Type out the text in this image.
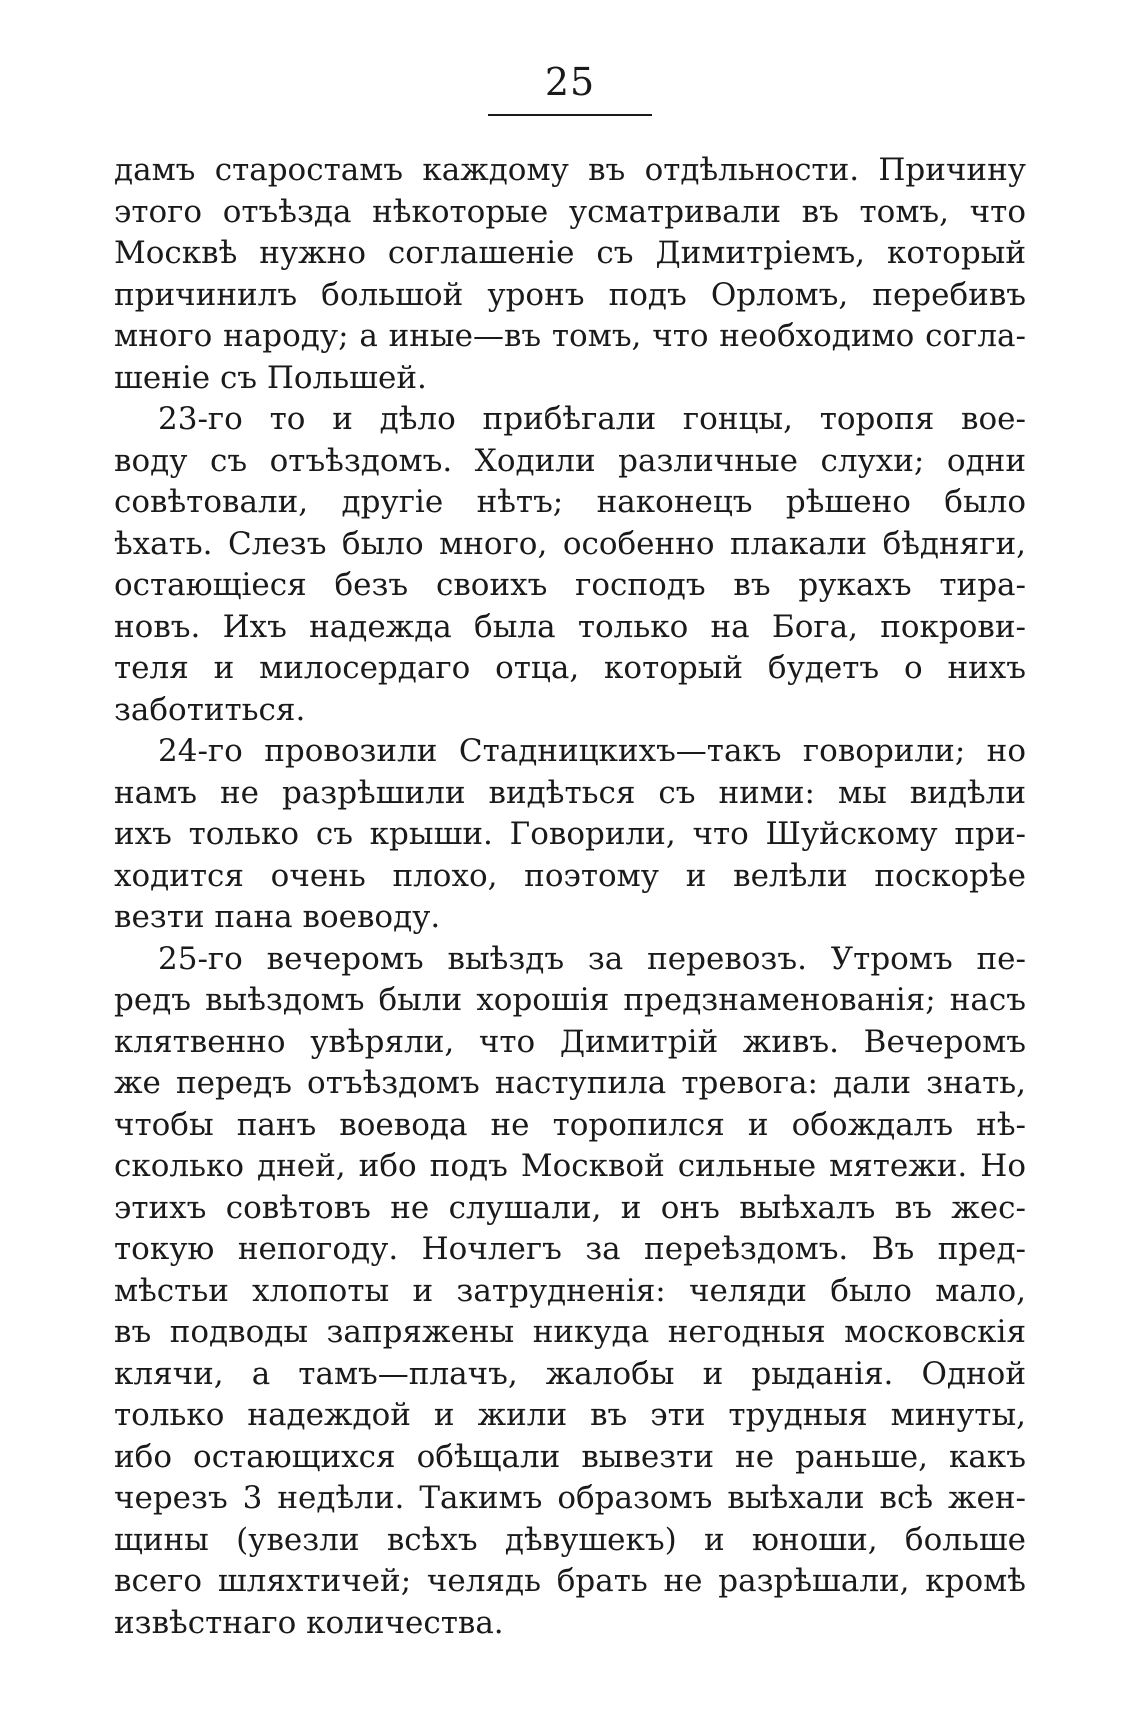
25
дамъ старостамъ каждому въ отдѣльности. Причину
этого отъѣзда нѣкоторые усматривали въ томъ, что
Москвѣ нужно соглашеніе съ Димитріемъ, который
причинилъ большой уронъ подъ Орломъ, перебивъ
много народу; а иные—въ томъ, что необходимо согла-
шеніе съ Польшей.
23-го то и дѣло прибѣгали гонцы, торопя вое-
воду съ отъѣздомъ. Ходили различные слухи; одни
совѣтовали, другіе нѣтъ; наконецъ рѣшено было
ѣхать. Слезъ было много, особенно плакали бѣдняги,
остающіеся безъ своихъ господъ въ рукахъ тира-
новъ. Ихъ надежда была только на Бога, покрови-
теля и милосердаго отца, который будетъ о нихъ
заботиться.
24-го провозили Стадницкихъ—такъ говорили; но
намъ не разрѣшили видѣться съ ними: мы видѣли
ихъ только съ крыши. Говорили, что Шуйскому при-
ходится очень плохо, поэтому и велѣли поскорѣе
везти пана воеводу.
25-го вечеромъ выѣздъ за перевозъ. Утромъ пе-
редъ выѣздомъ были хорошія предзнаменованія; насъ
клятвенно увѣряли, что Димитрій живъ. Вечеромъ
же передъ отъѣздомъ наступила тревога: дали знать,
чтобы панъ воевода не торопился и обождалъ нѣ-
сколько дней, ибо подъ Москвой сильные мятежи. Но
этихъ совѣтовъ не слушали, и онъ выѣхалъ въ жес-
токую непогоду. Ночлегъ за переѣздомъ. Въ пред-
мѣстьи хлопоты и затрудненія: челяди было мало,
въ подводы запряжены никуда негодныя московскія
клячи, а тамъ—плачъ, жалобы и рыданія. Одной
только надеждой и жили въ эти трудныя минуты,
ибо остающихся обѣщали вывезти не раньше, какъ
черезъ 3 недѣли. Такимъ образомъ выѣхали всѣ жен-
щины (увезли всѣхъ дѣвушекъ) и юноши, больше
всего шляхтичей; челядь брать не разрѣшали, кромѣ
извѣстнаго количества.
